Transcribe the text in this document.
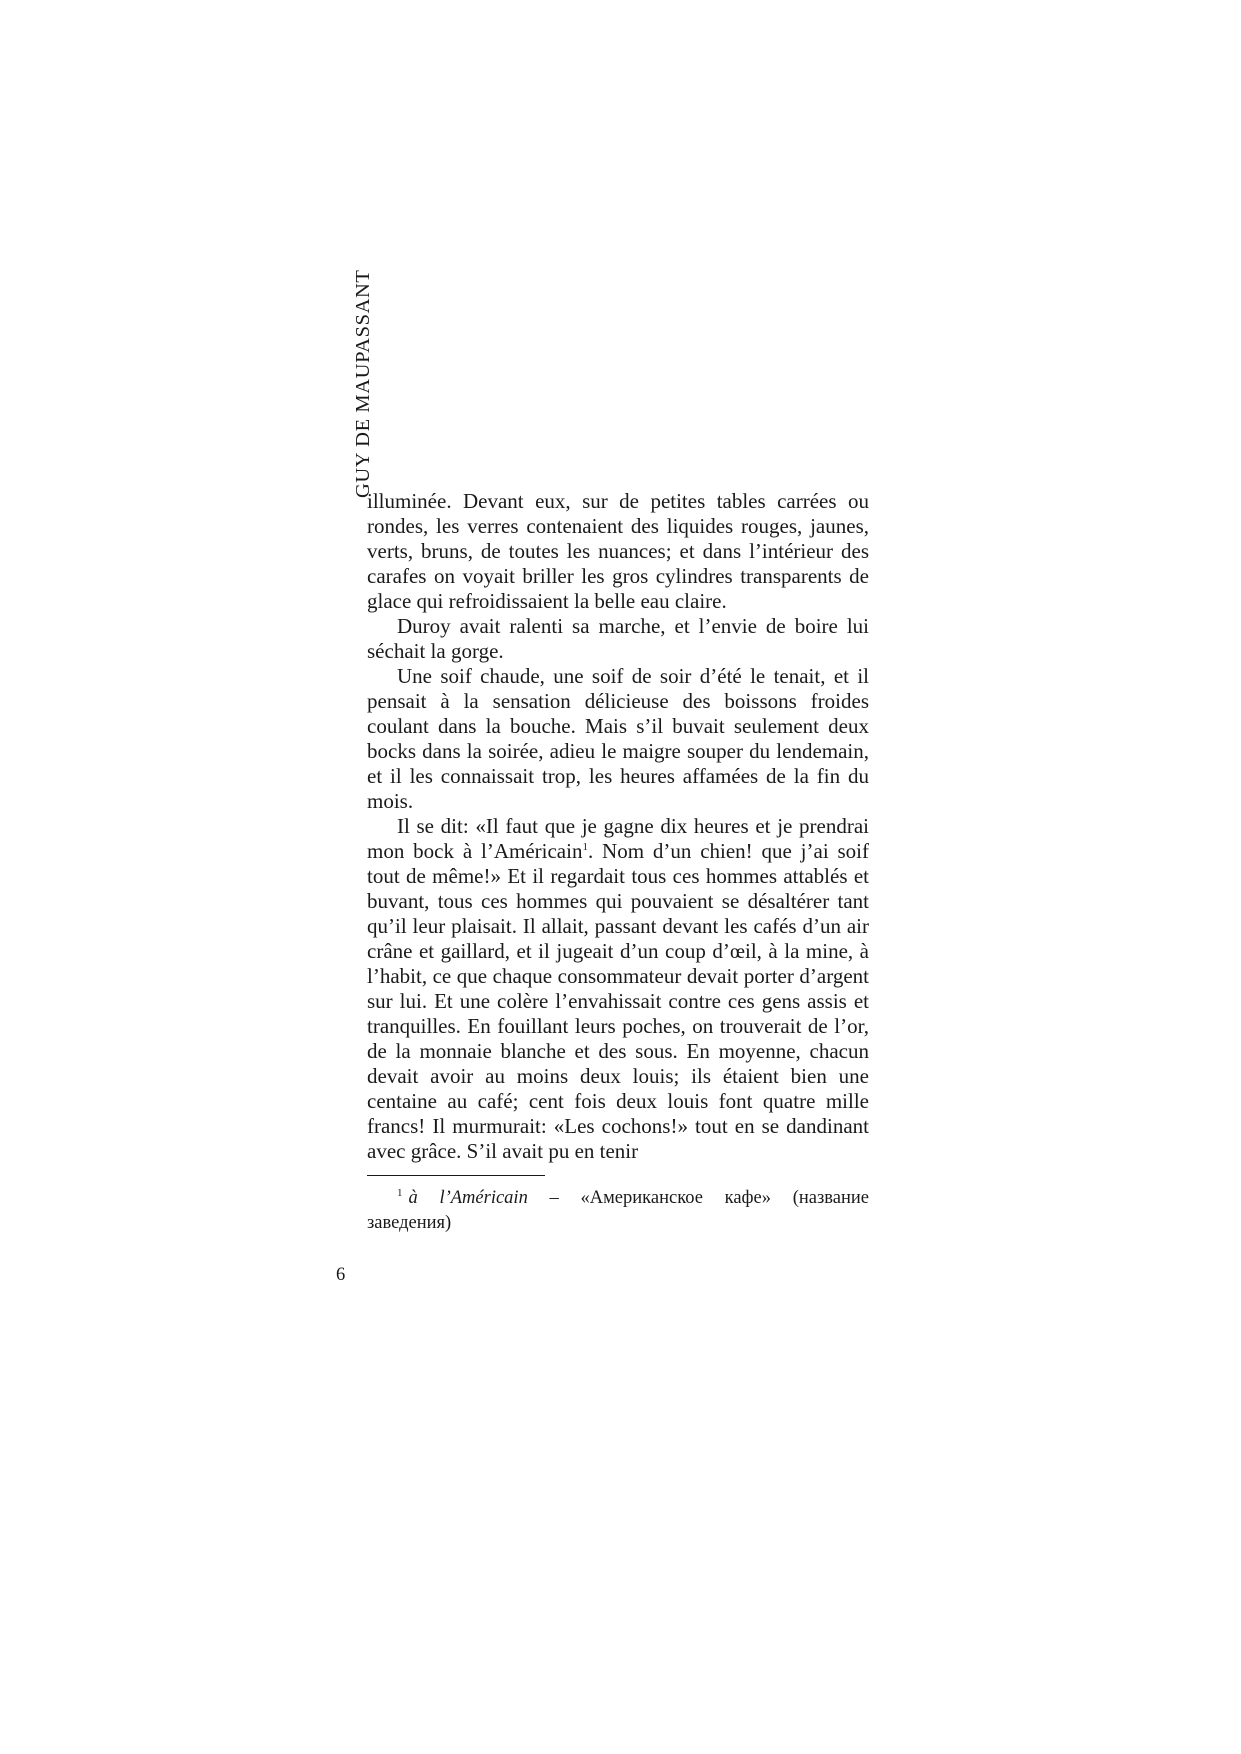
GUY DE MAUPASSANT

illuminée. Devant eux, sur de petites tables carrées ou rondes, les verres contenaient des liquides rouges, jaunes, verts, bruns, de toutes les nuances; et dans l’intérieur des carafes on voyait briller les gros cylindres transparents de glace qui refroidissaient la belle eau claire.

Duroy avait ralenti sa marche, et l’envie de boire lui séchait la gorge.

Une soif chaude, une soif de soir d’été le tenait, et il pensait à la sensation délicieuse des boissons froides coulant dans la bouche. Mais s’il buvait seulement deux bocks dans la soirée, adieu le maigre souper du lendemain, et il les connaissait trop, les heures affamées de la fin du mois.

Il se dit: «Il faut que je gagne dix heures et je prendrai mon bock à l’Américain$^1$. Nom d’un chien! que j’ai soif tout de même!» Et il regardait tous ces hommes attablés et buvant, tous ces hommes qui pouvaient se désaltérer tant qu’il leur plaisait. Il allait, passant devant les cafés d’un air crâne et gaillard, et il jugeait d’un coup d’œil, à la mine, à l’habit, ce que chaque consommateur devait porter d’argent sur lui. Et une colère l’envahissait contre ces gens assis et tranquilles. En fouillant leurs poches, on trouverait de l’or, de la monnaie blanche et des sous. En moyenne, chacun devait avoir au moins deux louis; ils étaient bien une centaine au café; cent fois deux louis font quatre mille francs! Il murmurait: «Les cochons!» tout en se dandinant avec grâce. S’il avait pu en tenir

$^1$ à l’Américain – «Американское кафе» (название заведения)
6
